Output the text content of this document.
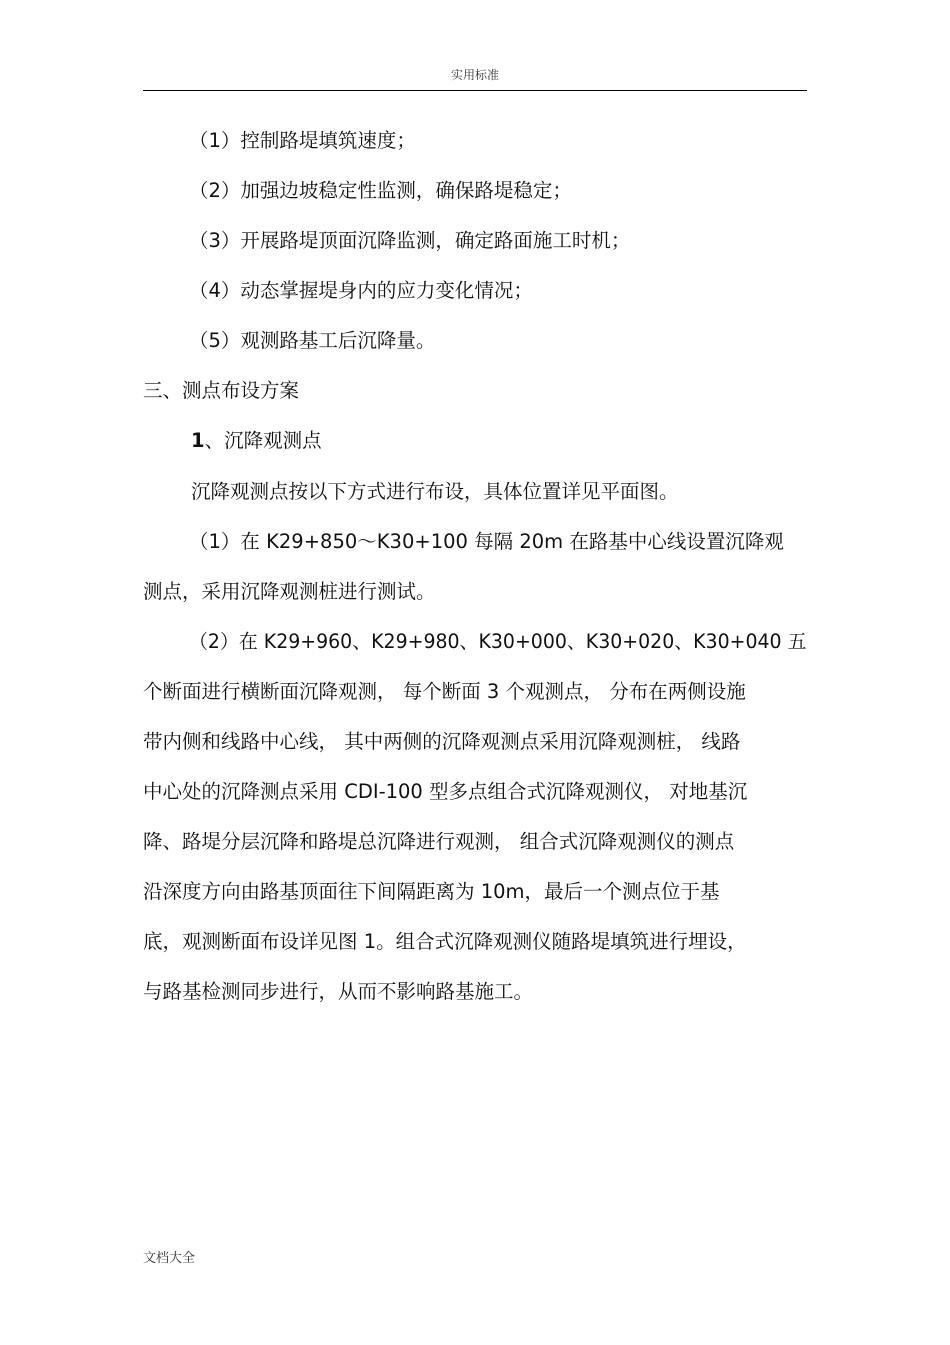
实用标准
（1）控制路堤填筑速度；
（2）加强边坡稳定性监测，确保路堤稳定；
（3）开展路堤顶面沉降监测，确定路面施工时机；
（4）动态掌握堤身内的应力变化情况；
（5）观测路基工后沉降量。
三、测点布设方案
1、沉降观测点
沉降观测点按以下方式进行布设，具体位置详见平面图。
（1）在 K29+850～K30+100 每隔 20m 在路基中心线设置沉降观
测点，采用沉降观测桩进行测试。
（2）在 K29+960、K29+980、K30+000、K30+020、K30+040 五
个断面进行横断面沉降观测， 每个断面 3 个观测点， 分布在两侧设施
带内侧和线路中心线， 其中两侧的沉降观测点采用沉降观测桩， 线路
中心处的沉降测点采用 CDI-100 型多点组合式沉降观测仪， 对地基沉
降、路堤分层沉降和路堤总沉降进行观测， 组合式沉降观测仪的测点
沿深度方向由路基顶面往下间隔距离为 10m，最后一个测点位于基
底，观测断面布设详见图 1。组合式沉降观测仪随路堤填筑进行埋设，
与路基检测同步进行，从而不影响路基施工。
文档大全
